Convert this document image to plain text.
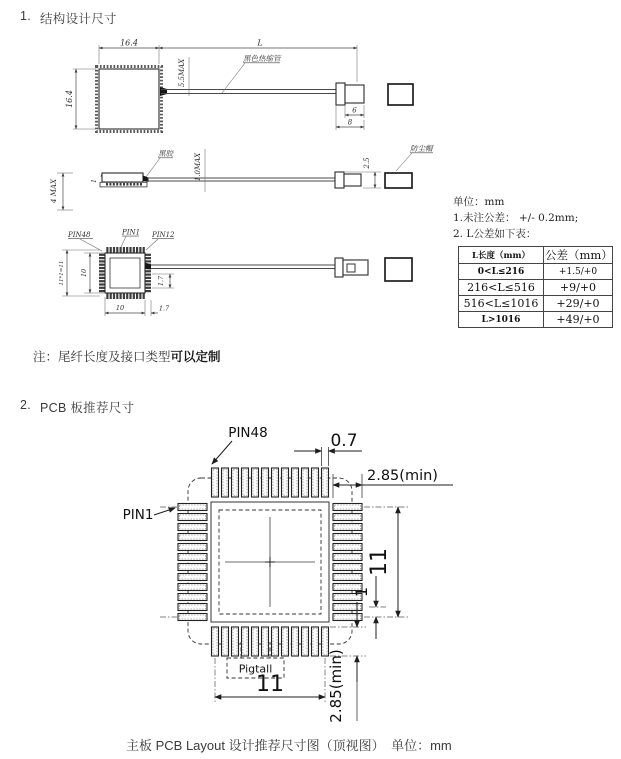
1. 结构设计尺寸
16.4	L
16.4
5.5MAX
黑色热缩管
6
8
4 MAX	1
黑胶	1.0MAX	2.5
防尘帽
PIN48	PIN1 PIN12
11*1=11 10
10	1.7
1.7
单位：mm
1.未注公差： +/- 0.2mm;
2. L公差如下表：
L长度（mm）	公差（mm）
0<L≤216	+1.5/+0
216<L≤516	+9/+0
516<L≤1016	+29/+0
L>1016	+49/+0
注：尾纤长度及接口类型可以定制
2. PCB 板推荐尺寸
PIN48
PIN1
0.7
2.85(min)
11
1
Pigtall
11	2.85(min)
主板 PCB Layout 设计推荐尺寸图（顶视图）　单位：mm
